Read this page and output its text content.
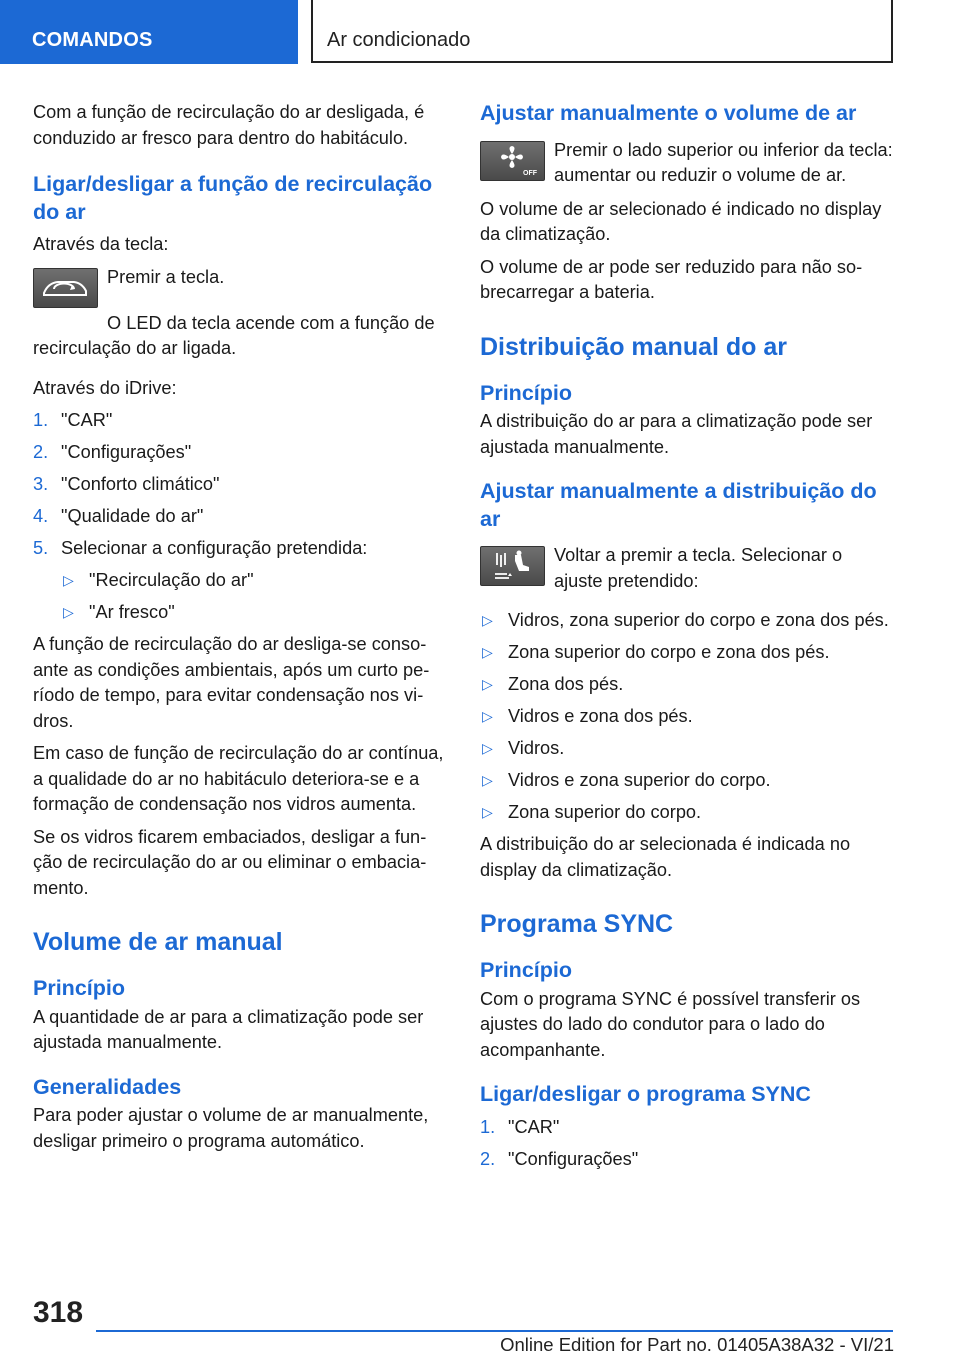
COMANDOS	Ar condicionado

Com a função de recirculação do ar desligada, é conduzido ar fresco para dentro do habitáculo.

Ligar/desligar a função de recirculação do ar

Através da tecla:

Premir a tecla.

O LED da tecla acende com a função de recirculação do ar ligada.

Através do iDrive:

1. "CAR"
2. "Configurações"
3. "Conforto climático"
4. "Qualidade do ar"
5. Selecionar a configuração pretendida:
▷ "Recirculação do ar"
▷ "Ar fresco"

A função de recirculação do ar desliga-se consoante as condições ambientais, após um curto período de tempo, para evitar condensação nos vidros.

Em caso de função de recirculação do ar contínua, a qualidade do ar no habitáculo deteriora-se e a formação de condensação nos vidros aumenta.

Se os vidros ficarem embaciados, desligar a função de recirculação do ar ou eliminar o embaciamento.

Volume de ar manual
Princípio

A quantidade de ar para a climatização pode ser ajustada manualmente.

Generalidades

Para poder ajustar o volume de ar manualmente, desligar primeiro o programa automático.

Ajustar manualmente o volume de ar
OFF

Premir o lado superior ou inferior da tecla: aumentar ou reduzir o volume de ar.

O volume de ar selecionado é indicado no display da climatização.

O volume de ar pode ser reduzido para não sobrecarregar a bateria.

Distribuição manual do ar
Princípio

A distribuição do ar para a climatização pode ser ajustada manualmente.

Ajustar manualmente a distribuição do ar

Voltar a premir a tecla. Selecionar o ajuste pretendido:

▷ Vidros, zona superior do corpo e zona dos pés.
▷ Zona superior do corpo e zona dos pés.
▷ Zona dos pés.
▷ Vidros e zona dos pés.
▷ Vidros.
▷ Vidros e zona superior do corpo.
▷ Zona superior do corpo.

A distribuição do ar selecionada é indicada no display da climatização.

Programa SYNC
Princípio

Com o programa SYNC é possível transferir os ajustes do lado do condutor para o lado do acompanhante.

Ligar/desligar o programa SYNC
1. "CAR"
2. "Configurações"
318
Online Edition for Part no. 01405A38A32 - VI/21
